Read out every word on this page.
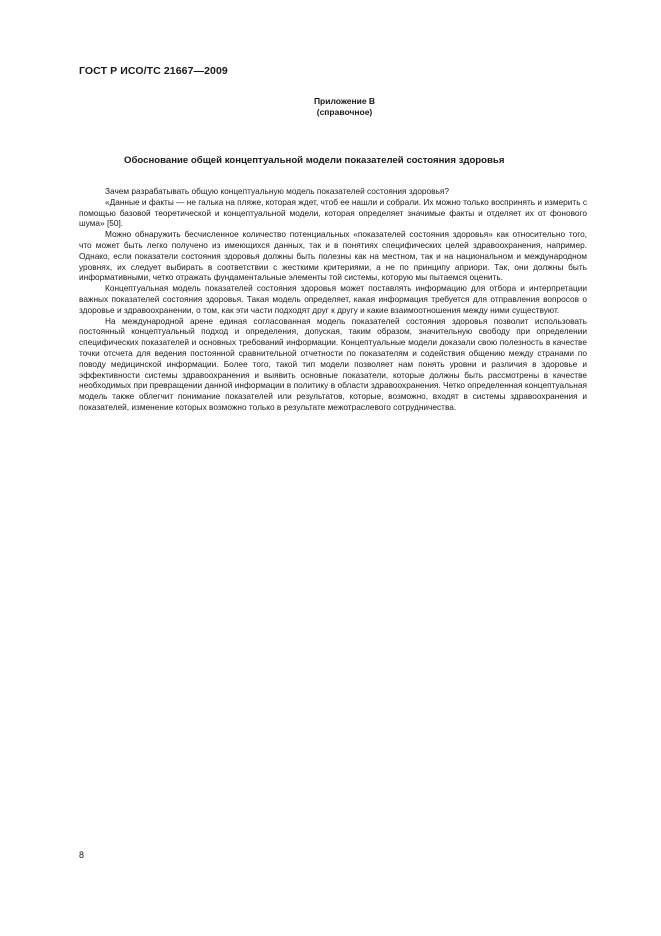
ГОСТ Р ИСО/ТС 21667—2009
Приложение В
(справочное)
Обоснование общей концептуальной модели показателей состояния здоровья

Зачем разрабатывать общую концептуальную модель показателей состояния здоровья?

«Данные и факты — не галька на пляже, которая ждет, чтоб ее нашли и собрали. Их можно только воспринять и измерить с помощью базовой теоретической и концептуальной модели, которая определяет значимые факты и отделяет их от фонового шума» [50].

Можно обнаружить бесчисленное количество потенциальных «показателей состояния здоровья» как относительно того, что может быть легко получено из имеющихся данных, так и в понятиях специфических целей здравоохранения, например. Однако, если показатели состояния здоровья должны быть полезны как на местном, так и на национальном и международном уровнях, их следует выбирать в соответствии с жесткими критериями, а не по принципу априори. Так, они должны быть информативными, четко отражать фундаментальные элементы той системы, которую мы пытаемся оценить.

Концептуальная модель показателей состояния здоровья может поставлять информацию для отбора и интерпретации важных показателей состояния здоровья. Такая модель определяет, какая информация требуется для отправления вопросов о здоровье и здравоохранении, о том, как эти части подходят друг к другу и какие взаимоотношения между ними существуют.

На международной арене единая согласованная модель показателей состояния здоровья позволит использовать постоянный концептуальный подход и определения, допуская, таким образом, значительную свободу при определении специфических показателей и основных требований информации. Концептуальные модели доказали свою полезность в качестве точки отсчета для ведения постоянной сравнительной отчетности по показателям и содействия общению между странами по поводу медицинской информации. Более того, такой тип модели позволяет нам понять уровни и различия в здоровье и эффективности системы здравоохранения и выявить основные показатели, которые должны быть рассмотрены в качестве необходимых при превращении данной информации в политику в области здравоохранения. Четко определенная концептуальная модель также облегчит понимание показателей или результатов, которые, возможно, входят в системы здравоохранения и показателей, изменение которых возможно только в результате межотраслевого сотрудничества.

8
